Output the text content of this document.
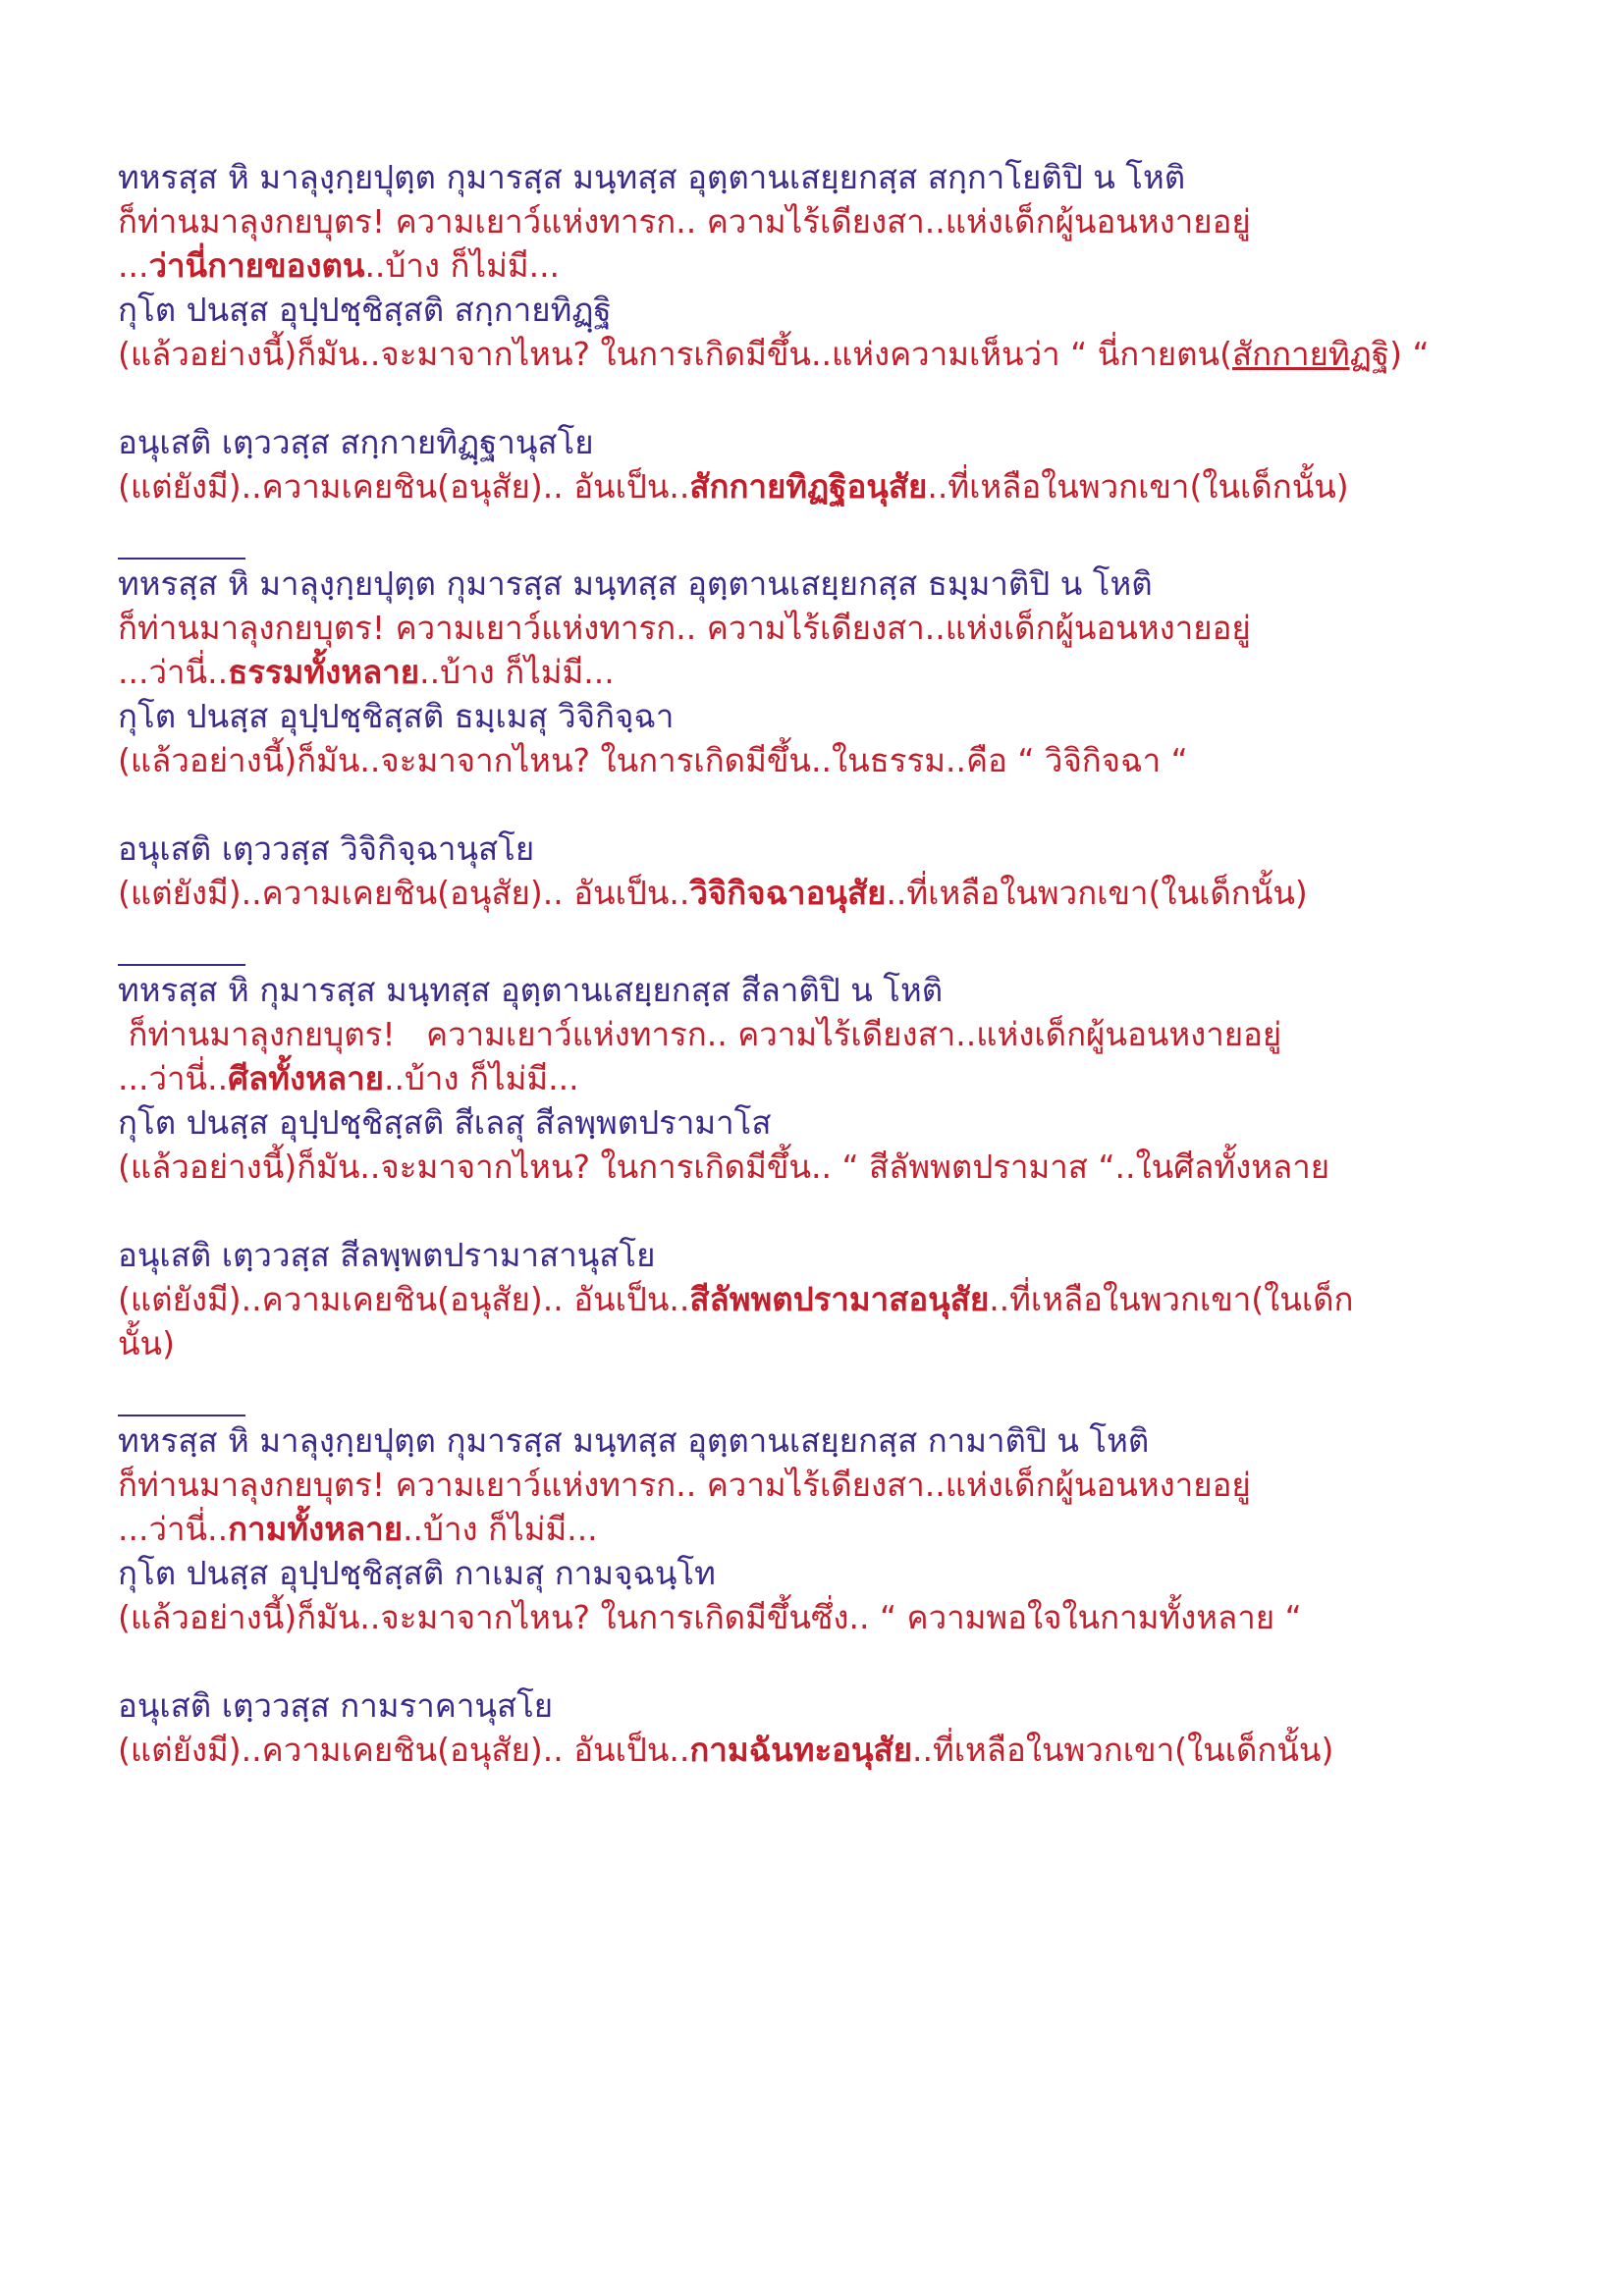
ทหรสฺส หิ มาลุงฺกฺยปุตฺต กุมารสฺส มนฺทสฺส อุตฺตานเสยฺยกสฺส สกฺกาโยติปิ น โหติ
ก็ท่านมาลุงกยบุตร! ความเยาว์แห่งทารก.. ความไร้เดียงสา..แห่งเด็กผู้นอนหงายอยู่
...ว่านี่กายของตน..บ้าง ก็ไม่มี...
กุโต ปนสฺส อุปฺปชฺชิสฺสติ สกฺกายทิฏฺฐิ
(แล้วอย่างนี้)ก็มัน..จะมาจากไหน? ในการเกิดมีขึ้น..แห่งความเห็นว่า “ นี่กายตน(สักกายทิฏฐิ) “
อนุเสติ เตฺววสฺส สกฺกายทิฏฺฐานุสโย
(แต่ยังมี)..ความเคยชิน(อนุสัย).. อันเป็น..สักกายทิฏฐิอนุสัย..ที่เหลือในพวกเขา(ในเด็กนั้น)
ทหรสฺส หิ มาลุงฺกฺยปุตฺต กุมารสฺส มนฺทสฺส อุตฺตานเสยฺยกสฺส ธมฺมาติปิ น โหติ
ก็ท่านมาลุงกยบุตร! ความเยาว์แห่งทารก.. ความไร้เดียงสา..แห่งเด็กผู้นอนหงายอยู่
...ว่านี่..ธรรมทั้งหลาย..บ้าง ก็ไม่มี...
กุโต ปนสฺส อุปฺปชฺชิสฺสติ ธมฺเมสุ วิจิกิจฺฉา
(แล้วอย่างนี้)ก็มัน..จะมาจากไหน? ในการเกิดมีขึ้น..ในธรรม..คือ “ วิจิกิจฉา “
อนุเสติ เตฺววสฺส วิจิกิจฺฉานุสโย
(แต่ยังมี)..ความเคยชิน(อนุสัย).. อันเป็น..วิจิกิจฉาอนุสัย..ที่เหลือในพวกเขา(ในเด็กนั้น)
ทหรสฺส หิ กุมารสฺส มนฺทสฺส อุตฺตานเสยฺยกสฺส สีลาติปิ น โหติ
ก็ท่านมาลุงกยบุตร!   ความเยาว์แห่งทารก.. ความไร้เดียงสา..แห่งเด็กผู้นอนหงายอยู่
...ว่านี่..ศีลทั้งหลาย..บ้าง ก็ไม่มี...
กุโต ปนสฺส อุปฺปชฺชิสฺสติ สีเลสุ สีลพฺพตปรามาโส
(แล้วอย่างนี้)ก็มัน..จะมาจากไหน? ในการเกิดมีขึ้น.. “ สีลัพพตปรามาส “..ในศีลทั้งหลาย
อนุเสติ เตฺววสฺส สีลพฺพตปรามาสานุสโย
(แต่ยังมี)..ความเคยชิน(อนุสัย).. อันเป็น..สีลัพพตปรามาสอนุสัย..ที่เหลือในพวกเขา(ในเด็ก
นั้น)
ทหรสฺส หิ มาลุงฺกฺยปุตฺต กุมารสฺส มนฺทสฺส อุตฺตานเสยฺยกสฺส กามาติปิ น โหติ
ก็ท่านมาลุงกยบุตร! ความเยาว์แห่งทารก.. ความไร้เดียงสา..แห่งเด็กผู้นอนหงายอยู่
...ว่านี่..กามทั้งหลาย..บ้าง ก็ไม่มี...
กุโต ปนสฺส อุปฺปชฺชิสฺสติ กาเมสุ กามจฺฉนฺโท
(แล้วอย่างนี้)ก็มัน..จะมาจากไหน? ในการเกิดมีขึ้นซึ่ง.. “ ความพอใจในกามทั้งหลาย “
อนุเสติ เตฺววสฺส กามราคานุสโย
(แต่ยังมี)..ความเคยชิน(อนุสัย).. อันเป็น..กามฉันทะอนุสัย..ที่เหลือในพวกเขา(ในเด็กนั้น)
